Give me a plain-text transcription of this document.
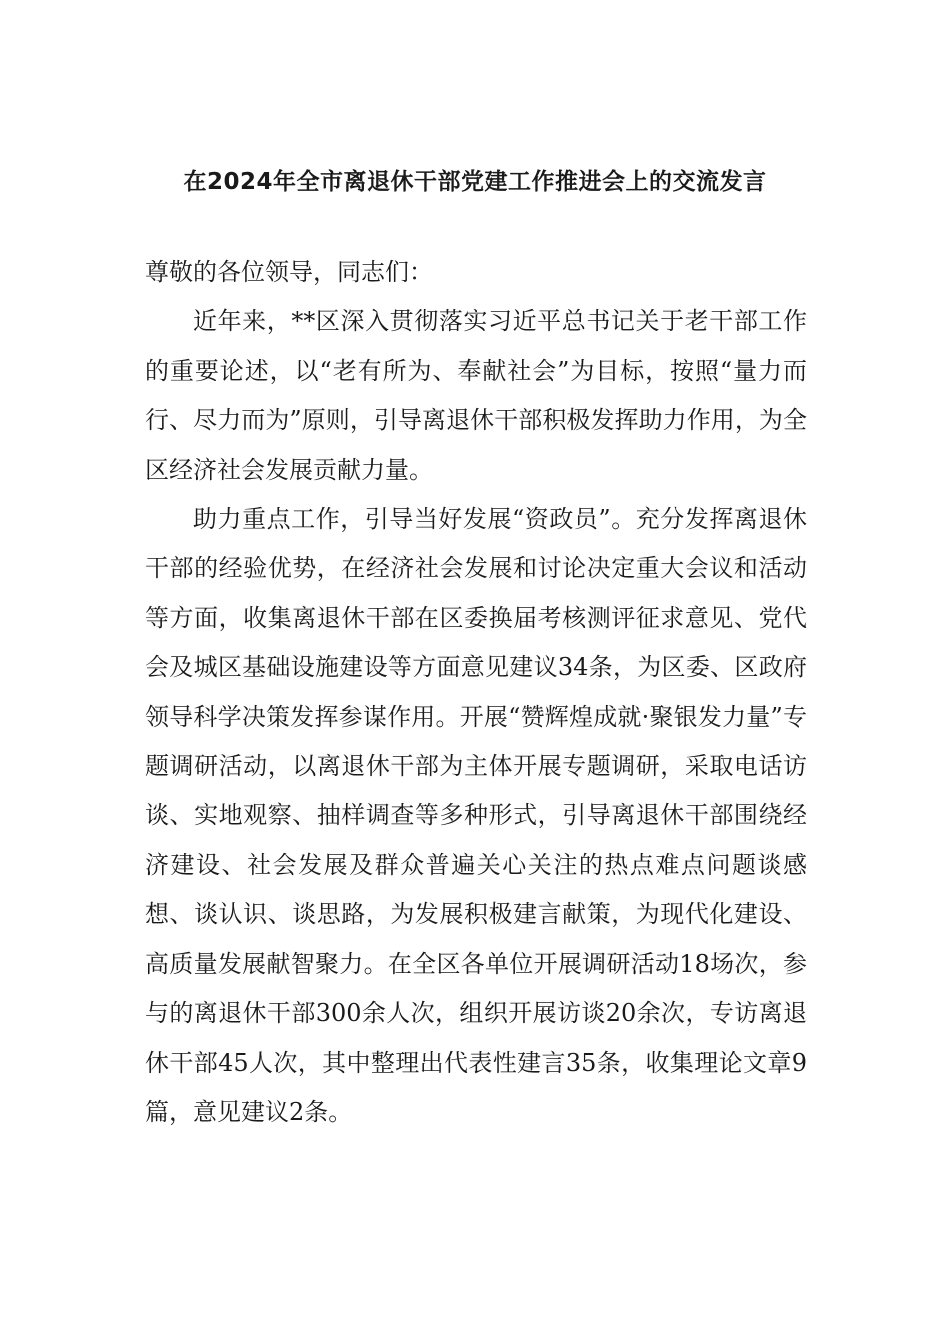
在2024年全市离退休干部党建工作推进会上的交流发言

尊敬的各位领导，同志们：

近年来，**区深入贯彻落实习近平总书记关于老干部工作的重要论述，以“老有所为、奉献社会”为目标，按照“量力而行、尽力而为”原则，引导离退休干部积极发挥助力作用，为全区经济社会发展贡献力量。

助力重点工作，引导当好发展“资政员”。充分发挥离退休干部的经验优势，在经济社会发展和讨论决定重大会议和活动等方面，收集离退休干部在区委换届考核测评征求意见、党代会及城区基础设施建设等方面意见建议34条，为区委、区政府领导科学决策发挥参谋作用。开展“赞辉煌成就·聚银发力量”专题调研活动，以离退休干部为主体开展专题调研，采取电话访谈、实地观察、抽样调查等多种形式，引导离退休干部围绕经济建设、社会发展及群众普遍关心关注的热点难点问题谈感想、谈认识、谈思路，为发展积极建言献策，为现代化建设、高质量发展献智聚力。在全区各单位开展调研活动18场次，参与的离退休干部300余人次，组织开展访谈20余次，专访离退休干部45人次，其中整理出代表性建言35条，收集理论文章9篇，意见建议2条。
